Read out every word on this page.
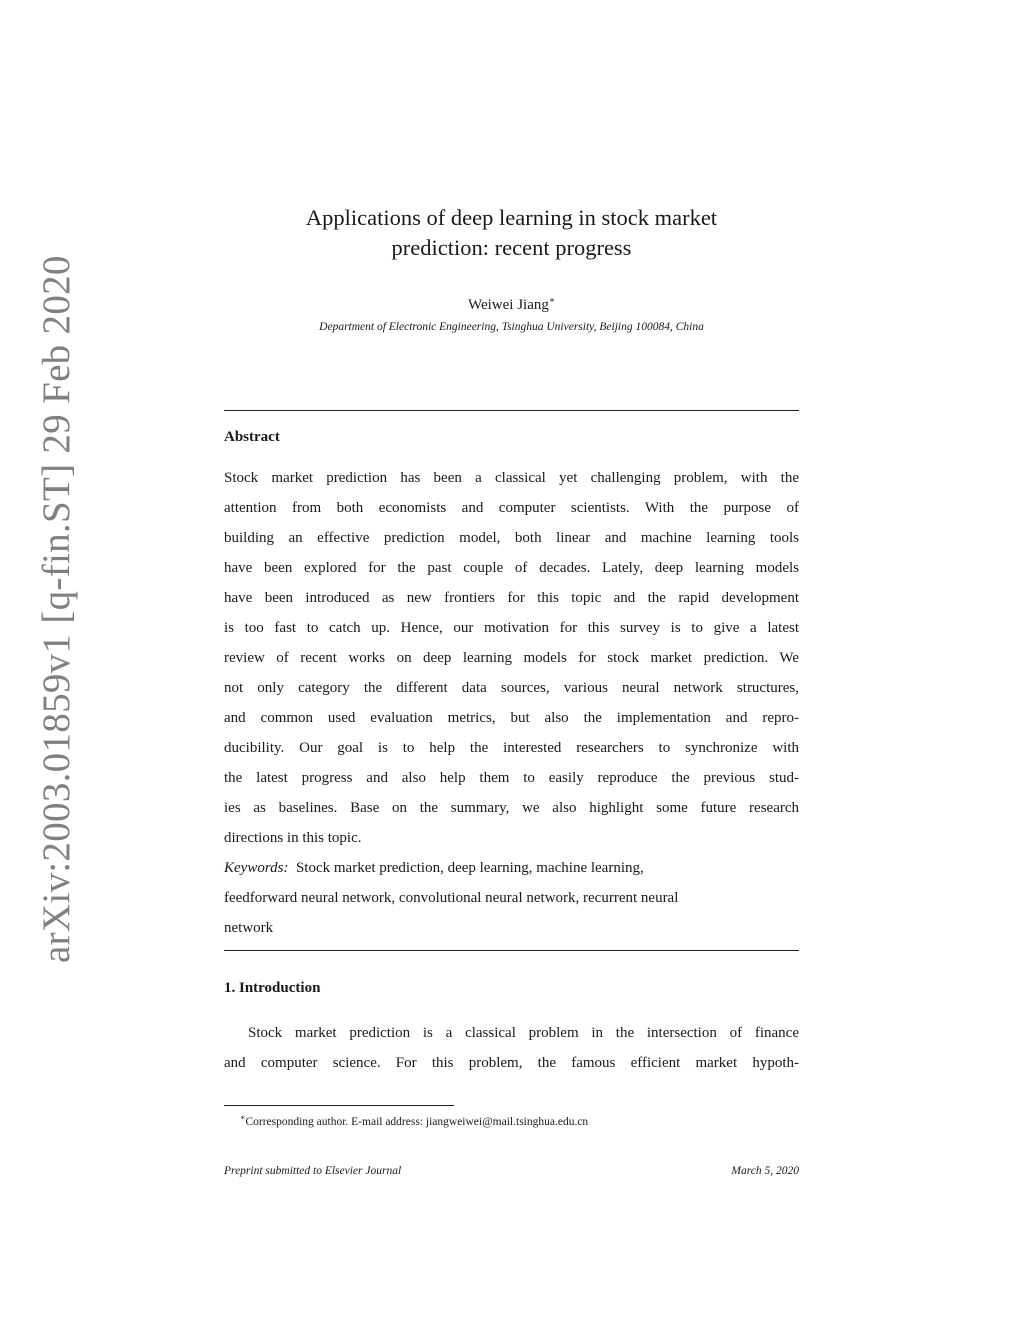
arXiv:2003.01859v1 [q-fin.ST] 29 Feb 2020
Applications of deep learning in stock market
prediction: recent progress
Weiwei Jiang∗
Department of Electronic Engineering, Tsinghua University, Beijing 100084, China
Abstract
Stock market prediction has been a classical yet challenging problem, with the
attention from both economists and computer scientists. With the purpose of
building an effective prediction model, both linear and machine learning tools
have been explored for the past couple of decades. Lately, deep learning models
have been introduced as new frontiers for this topic and the rapid development
is too fast to catch up. Hence, our motivation for this survey is to give a latest
review of recent works on deep learning models for stock market prediction. We
not only category the different data sources, various neural network structures,
and common used evaluation metrics, but also the implementation and repro-
ducibility. Our goal is to help the interested researchers to synchronize with
the latest progress and also help them to easily reproduce the previous stud-
ies as baselines. Base on the summary, we also highlight some future research
directions in this topic.
Keywords: Stock market prediction, deep learning, machine learning,
feedforward neural network, convolutional neural network, recurrent neural
network
1. Introduction
Stock market prediction is a classical problem in the intersection of finance
and computer science. For this problem, the famous efficient market hypoth-
∗Corresponding author. E-mail address: jiangweiwei@mail.tsinghua.edu.cn
Preprint submitted to Elsevier Journal	March 5, 2020
